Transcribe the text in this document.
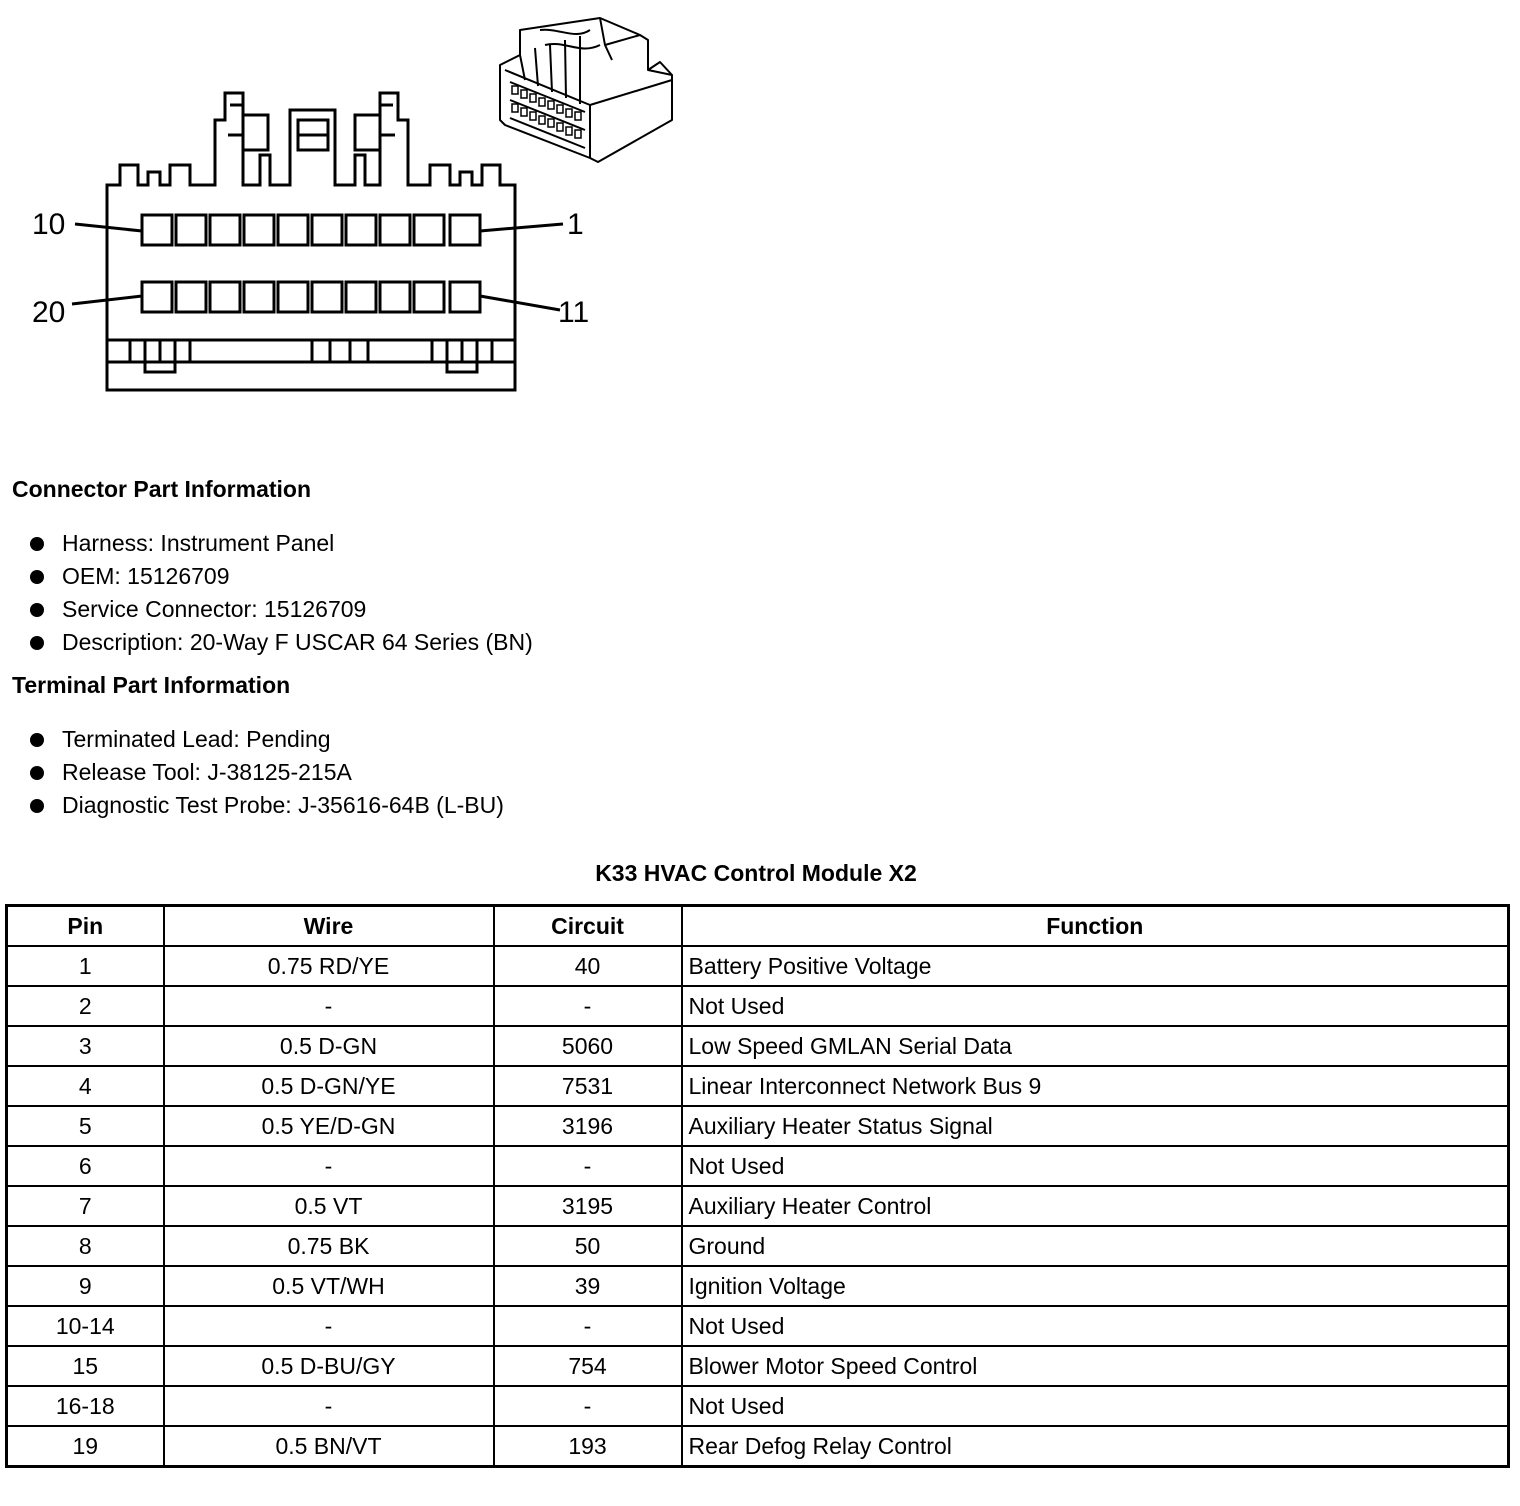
10	1
20	11
Connector Part Information
Harness: Instrument Panel
OEM: 15126709
Service Connector: 15126709
Description: 20-Way F USCAR 64 Series (BN)
Terminal Part Information
Terminated Lead: Pending
Release Tool: J-38125-215A
Diagnostic Test Probe: J-35616-64B (L-BU)
K33 HVAC Control Module X2
Pin	Wire	Circuit	Function
1	0.75 RD/YE	40	Battery Positive Voltage
2	-	-	Not Used
3	0.5 D-GN	5060	Low Speed GMLAN Serial Data
4	0.5 D-GN/YE	7531	Linear Interconnect Network Bus 9
5	0.5 YE/D-GN	3196	Auxiliary Heater Status Signal
6	-	-	Not Used
7	0.5 VT	3195	Auxiliary Heater Control
8	0.75 BK	50	Ground
9	0.5 VT/WH	39	Ignition Voltage
10-14	-	-	Not Used
15	0.5 D-BU/GY	754	Blower Motor Speed Control
16-18	-	-	Not Used
19	0.5 BN/VT	193	Rear Defog Relay Control
